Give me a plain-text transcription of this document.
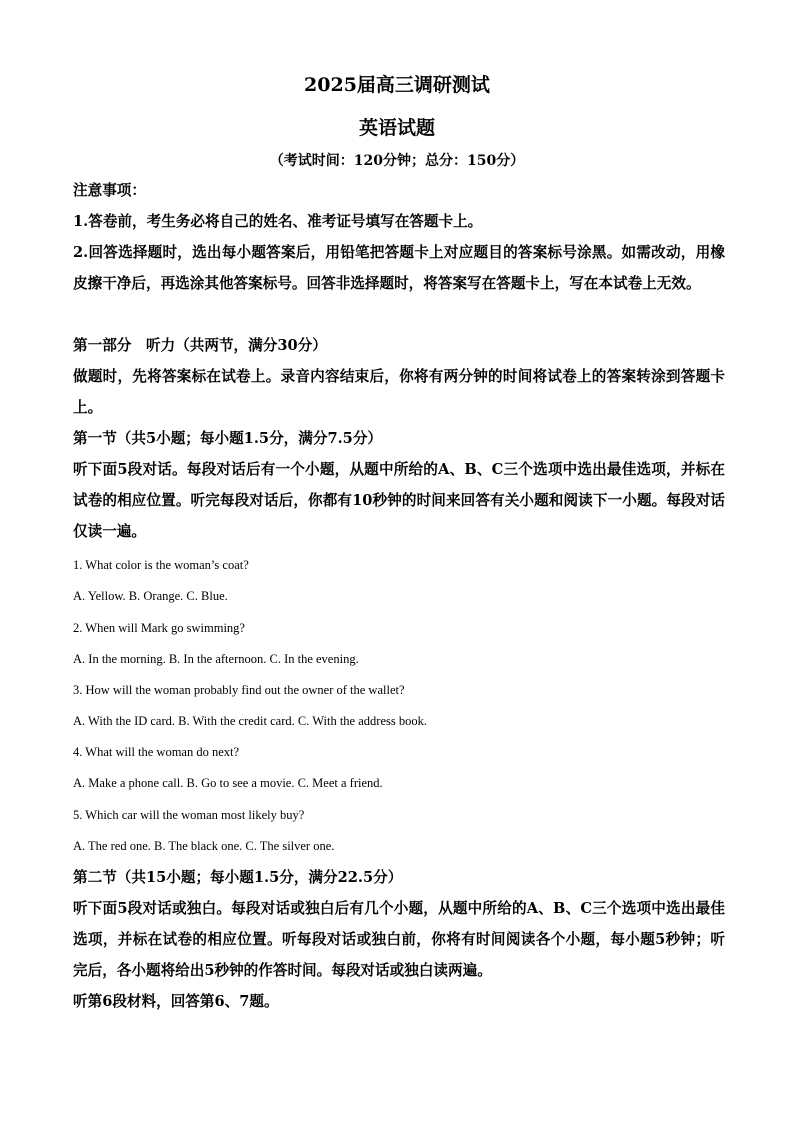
2025届高三调研测试
英语试题
（考试时间：120分钟；总分：150分）

注意事项：

1.答卷前，考生务必将自己的姓名、准考证号填写在答题卡上。

2.回答选择题时，选出每小题答案后，用铅笔把答题卡上对应题目的答案标号涂黑。如需改动，用橡皮擦干净后，再选涂其他答案标号。回答非选择题时，将答案写在答题卡上，写在本试卷上无效。

第一部分　听力（共两节，满分30分）

做题时，先将答案标在试卷上。录音内容结束后，你将有两分钟的时间将试卷上的答案转涂到答题卡上。

第一节（共5小题；每小题1.5分，满分7.5分）

听下面5段对话。每段对话后有一个小题，从题中所给的A、B、C三个选项中选出最佳选项，并标在试卷的相应位置。听完每段对话后，你都有10秒钟的时间来回答有关小题和阅读下一小题。每段对话仅读一遍。

1. What color is the woman’s coat?

A. Yellow. B. Orange. C. Blue.

2. When will Mark go swimming?

A. In the morning. B. In the afternoon. C. In the evening.

3. How will the woman probably find out the owner of the wallet?

A. With the ID card. B. With the credit card. C. With the address book.

4. What will the woman do next?

A. Make a phone call. B. Go to see a movie. C. Meet a friend.

5. Which car will the woman most likely buy?

A. The red one. B. The black one. C. The silver one.

第二节（共15小题；每小题1.5分，满分22.5分）

听下面5段对话或独白。每段对话或独白后有几个小题，从题中所给的A、B、C三个选项中选出最佳选项，并标在试卷的相应位置。听每段对话或独白前，你将有时间阅读各个小题，每小题5秒钟；听完后，各小题将给出5秒钟的作答时间。每段对话或独白读两遍。

听第6段材料，回答第6、7题。
